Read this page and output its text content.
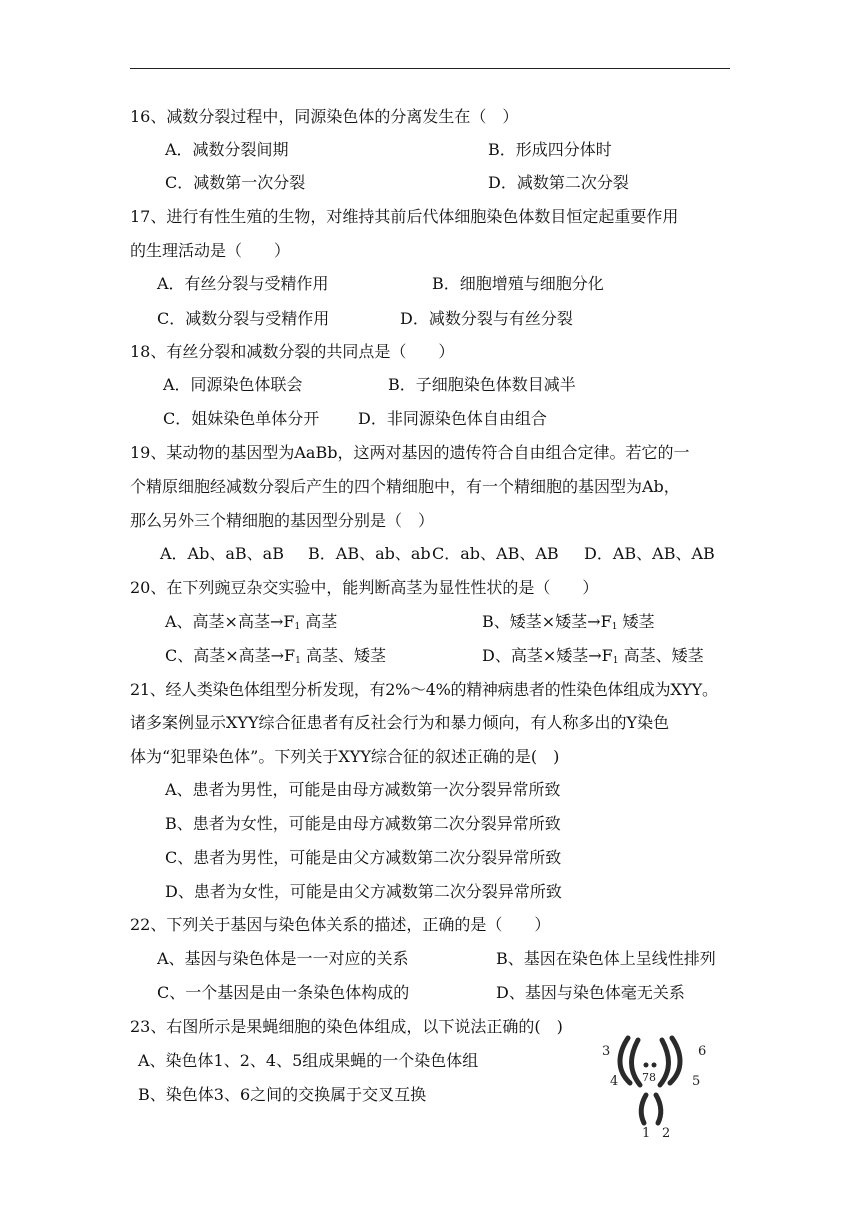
16、减数分裂过程中，同源染色体的分离发生在（　）
A．减数分裂间期	B．形成四分体时
C．减数第一次分裂	D．减数第二次分裂
17、进行有性生殖的生物，对维持其前后代体细胞染色体数目恒定起重要作用
的生理活动是（　　）
A．有丝分裂与受精作用	B．细胞增殖与细胞分化
C．减数分裂与受精作用	D．减数分裂与有丝分裂
18、有丝分裂和减数分裂的共同点是（　　）
A．同源染色体联会	B．子细胞染色体数目减半
C．姐妹染色单体分开 D．非同源染色体自由组合
19、某动物的基因型为AaBb，这两对基因的遗传符合自由组合定律。若它的一
个精原细胞经减数分裂后产生的四个精细胞中，有一个精细胞的基因型为Ab，
那么另外三个精细胞的基因型分别是（　）
A．Ab、aB、aB B．AB、ab、ab C．ab、AB、AB D．AB、AB、AB
20、在下列豌豆杂交实验中，能判断高茎为显性性状的是（　　）
A、高茎×高茎$\to F_1$ 高茎	B、矮茎×矮茎$\to F_1$ 矮茎
C、高茎×高茎$\to F_1$ 高茎、矮茎	D、高茎×矮茎$\to F_1$ 高茎、矮茎
21、经人类染色体组型分析发现，有2%～4%的精神病患者的性染色体组成为XYY。
诸多案例显示XYY综合征患者有反社会行为和暴力倾向，有人称多出的Y染色
体为“犯罪染色体”。下列关于XYY综合征的叙述正确的是(　)
A、患者为男性，可能是由母方减数第一次分裂异常所致
B、患者为女性，可能是由母方减数第二次分裂异常所致
C、患者为男性，可能是由父方减数第二次分裂异常所致
D、患者为女性，可能是由父方减数第二次分裂异常所致
22、下列关于基因与染色体关系的描述，正确的是（　　）
A、基因与染色体是一一对应的关系	B、基因在染色体上呈线性排列
C、一个基因是由一条染色体构成的	D、基因与染色体毫无关系
23、右图所示是果蝇细胞的染色体组成，以下说法正确的(　)
A、染色体1、2、4、5组成果蝇的一个染色体组
B、染色体3、6之间的交换属于交叉互换
3
4 78
6
5
1 2
